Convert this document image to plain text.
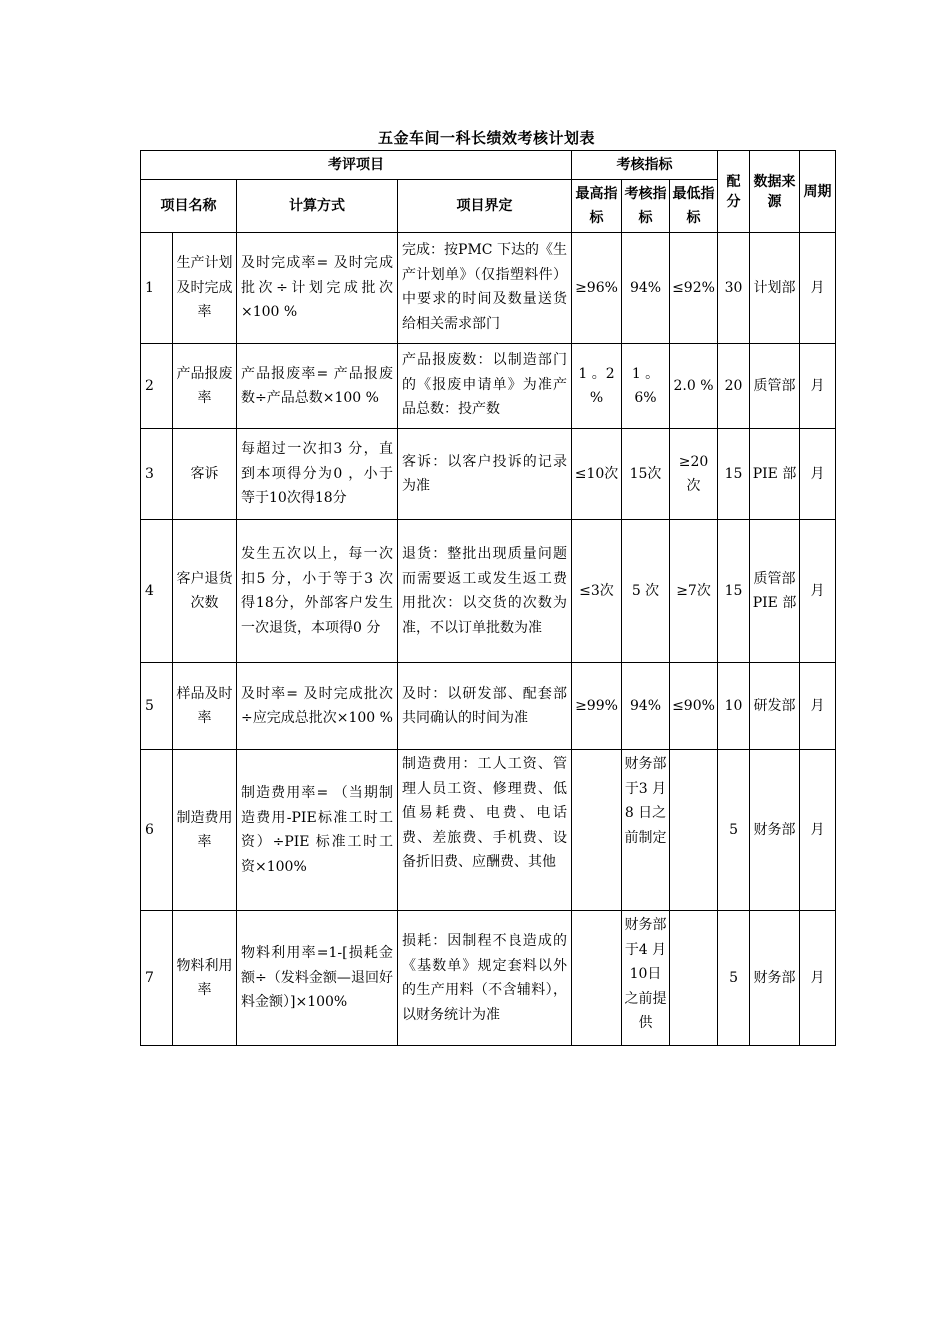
五金车间一科长绩效考核计划表
考评项目				考核指标			配分	数据来源	周期
项目名称		计算方式	项目界定	最高指标	考核指标	最低指标			
1	生产计划及时完成率	及时完成率= 及时完成批次÷计划完成批次×100 %	完成：按PMC 下达的《生产计划单》（仅指塑料件）中要求的时间及数量送货给相关需求部门	≥96%	94%	≤92%	30	计划部	月
2	产品报废率	产品报废率= 产品报废数÷产品总数×100 %	产品报废数：以制造部门的《报废申请单》为准产品总数：投产数	1 。2 %	1 。6%	2.0 %	20	质管部	月
3	客诉	每超过一次扣3 分，直到本项得分为0 ，小于等于10次得18分	客诉：以客户投诉的记录为准	≤10次	15次	≥20次	15	PIE 部	月
4	客户退货次数	发生五次以上，每一次扣5 分，小于等于3 次得18分，外部客户发生一次退货，本项得0 分	退货：整批出现质量问题而需要返工或发生返工费用批次：以交货的次数为准，不以订单批数为准	≤3次	5 次	≥7次	15	质管部 PIE 部	月
5	样品及时率	及时率= 及时完成批次÷应完成总批次×100 %	及时：以研发部、配套部共同确认的时间为准	≥99%	94%	≤90%	10	研发部	月
6	制造费用率	制造费用率= （当期制造费用-PIE标准工时工资）÷PIE 标准工时工资×100%	制造费用：工人工资、管理人员工资、修理费、低值易耗费、电费、电话费、差旅费、手机费、设备折旧费、应酬费、其他		财务部于3 月8 日之前制定		5	财务部	月
7	物料利用率	物料利用率=1-[损耗金额÷（发料金额—退回好料金额）]×100%	损耗：因制程不良造成的《基数单》规定套料以外的生产用料（不含辅料），以财务统计为准		财务部于4 月10日之前提供		5	财务部	月
